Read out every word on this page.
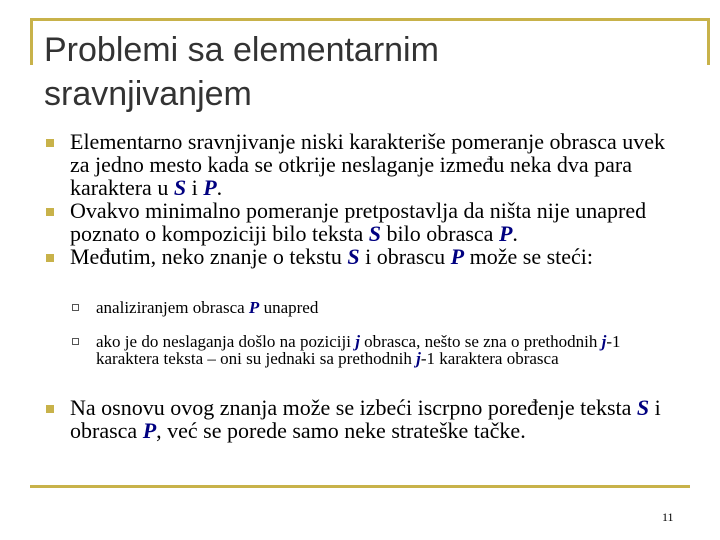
Problemi sa elementarnim
sravnjivanjem

Elementarno sravnjivanje niski karakteriše pomeranje obrasca uvek za jedno mesto kada se otkrije neslaganje između neka dva para karaktera u S i P.

Ovakvo minimalno pomeranje pretpostavlja da ništa nije unapred poznato o kompoziciji bilo teksta S bilo obrasca P.

Međutim, neko znanje o tekstu S i obrascu P može se steći:

analiziranjem obrasca P unapred

ako je do neslaganja došlo na poziciji j obrasca, nešto se zna o prethodnih j-1 karaktera teksta – oni su jednaki sa prethodnih j-1 karaktera obrasca

Na osnovu ovog znanja može se izbeći iscrpno poređenje teksta S i obrasca P, već se porede samo neke strateške tačke.

11
